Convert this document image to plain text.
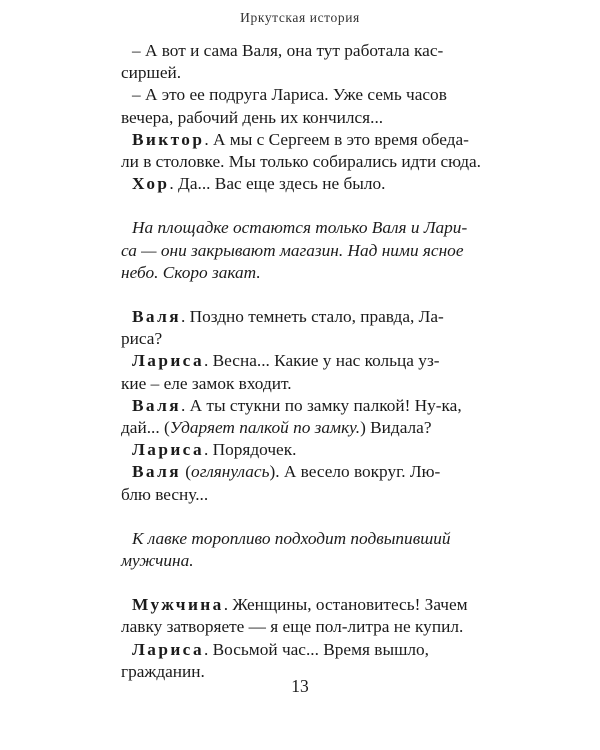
Иркутская история

– А вот и сама Валя, она тут работала кас-
сиршей.

– А это ее подруга Лариса. Уже семь часов
вечера, рабочий день их кончился...

Виктор. А мы с Сергеем в это время обеда-
ли в столовке. Мы только собирались идти сюда.

Хор. Да... Вас еще здесь не было.

На площадке остаются только Валя и Лари-
са — они закрывают магазин. Над ними ясное
небо. Скоро закат.

Валя. Поздно темнеть стало, правда, Ла-
риса?

Лариса. Весна... Какие у нас кольца уз-
кие – еле замок входит.

Валя. А ты стукни по замку палкой! Ну-ка,
дай... (Ударяет палкой по замку.) Видала?

Лариса. Порядочек.

Валя (оглянулась). А весело вокруг. Лю-
блю весну...

К лавке торопливо подходит подвыпивший
мужчина.

Мужчина. Женщины, остановитесь! Зачем
лавку затворяете — я еще пол-литра не купил.

Лариса. Восьмой час... Время вышло,
гражданин.

13
